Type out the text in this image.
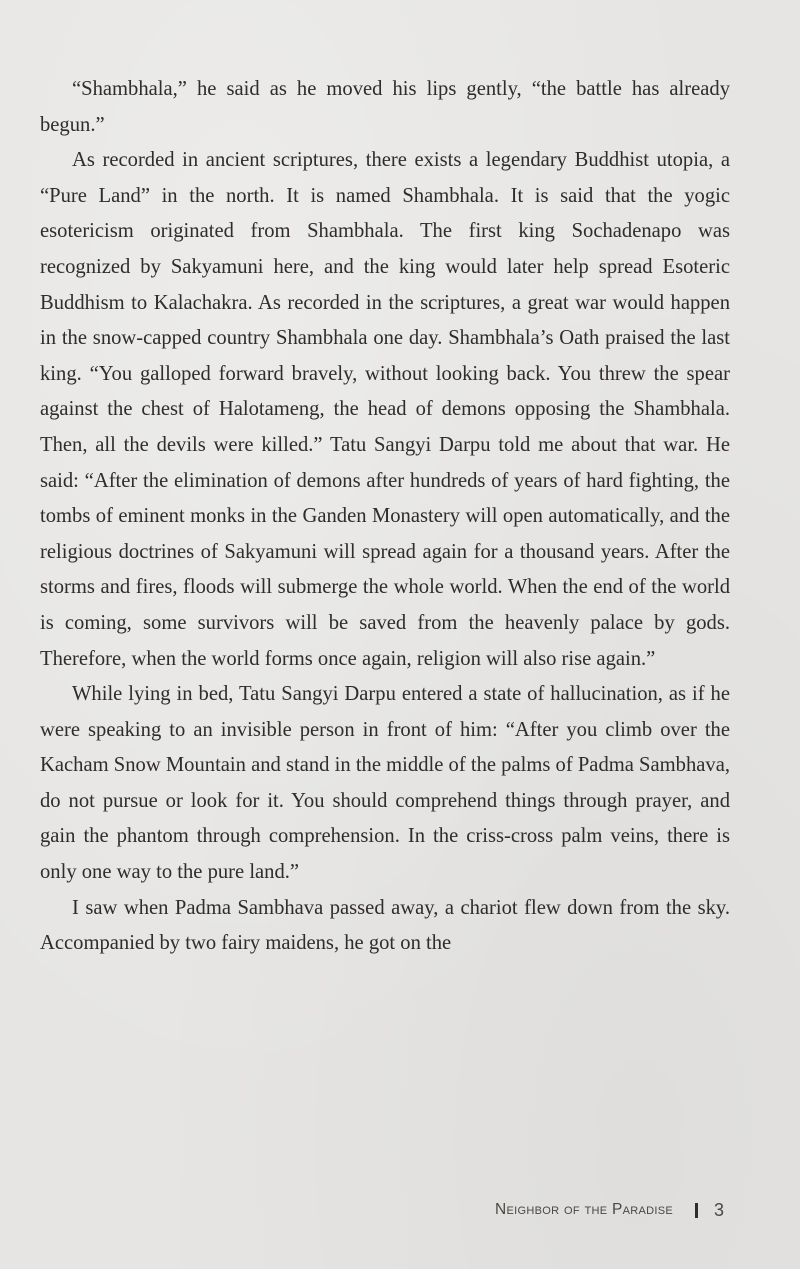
“Shambhala,” he said as he moved his lips gently, “the battle has already begun.”

As recorded in ancient scriptures, there exists a legendary Buddhist utopia, a “Pure Land” in the north. It is named Shambhala. It is said that the yogic esotericism originated from Shambhala. The first king Sochadenapo was recognized by Sakyamuni here, and the king would later help spread Esoteric Buddhism to Kalachakra. As recorded in the scriptures, a great war would happen in the snow-capped country Shambhala one day. Shambhala’s Oath praised the last king. “You galloped forward bravely, without looking back. You threw the spear against the chest of Halotameng, the head of demons opposing the Shambhala. Then, all the devils were killed.” Tatu Sangyi Darpu told me about that war. He said: “After the elimination of demons after hundreds of years of hard fighting, the tombs of eminent monks in the Ganden Monastery will open automatically, and the religious doctrines of Sakyamuni will spread again for a thousand years. After the storms and fires, floods will submerge the whole world. When the end of the world is coming, some survivors will be saved from the heavenly palace by gods. Therefore, when the world forms once again, religion will also rise again.”

While lying in bed, Tatu Sangyi Darpu entered a state of hallucination, as if he were speaking to an invisible person in front of him: “After you climb over the Kacham Snow Mountain and stand in the middle of the palms of Padma Sambhava, do not pursue or look for it. You should comprehend things through prayer, and gain the phantom through comprehension. In the criss-cross palm veins, there is only one way to the pure land.”

I saw when Padma Sambhava passed away, a chariot flew down from the sky. Accompanied by two fairy maidens, he got on the

Neighbor of the Paradise 3
